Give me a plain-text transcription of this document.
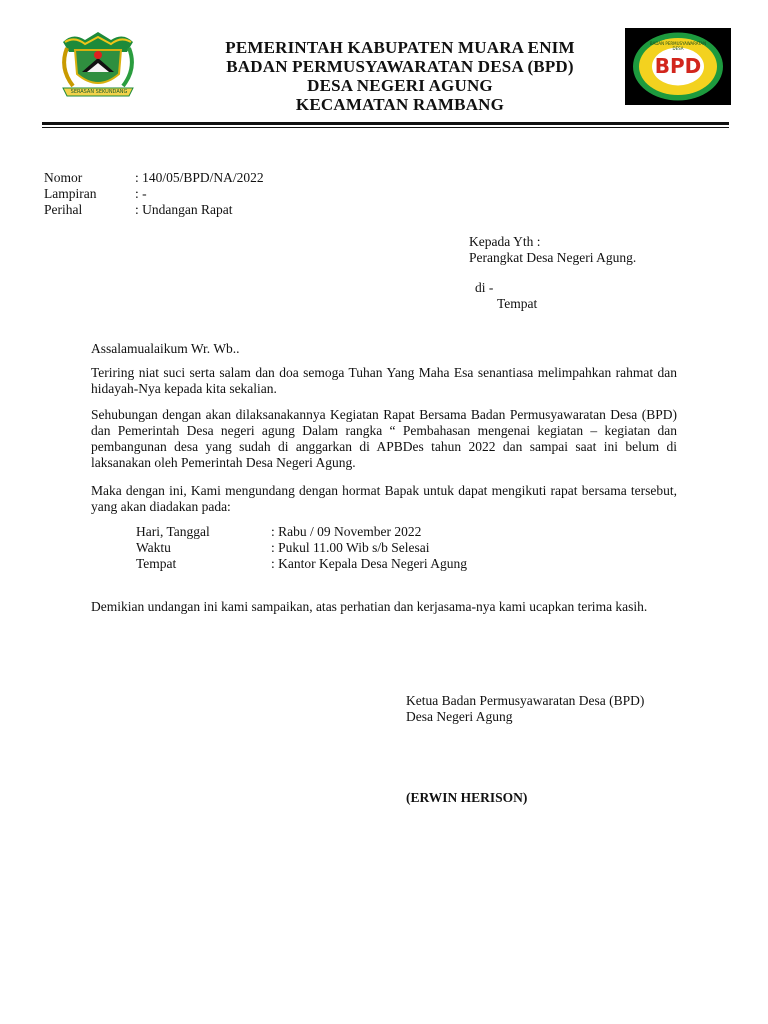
SERASAN SEKUNDANG

PEMERINTAH KABUPATEN MUARA ENIM

BADAN PERMUSYAWARATAN DESA (BPD)

DESA NEGERI AGUNG

KECAMATAN RAMBANG

BADAN PERMUSYAWARATAN DESA
BPD
Nomor	: 140/05/BPD/NA/2022
Lampiran	: -
Perihal	: Undangan Rapat
Kepada Yth :
Perangkat Desa Negeri Agung.
di -
Tempat
Assalamualaikum Wr. Wb..
Teriring niat suci serta salam dan doa semoga Tuhan Yang Maha Esa senantiasa melimpahkan rahmat dan hidayah-Nya kepada kita sekalian.
Sehubungan dengan akan dilaksanakannya Kegiatan Rapat Bersama Badan Permusyawaratan Desa (BPD) dan Pemerintah Desa negeri agung Dalam rangka “ Pembahasan mengenai kegiatan – kegiatan dan pembangunan desa yang sudah di anggarkan di APBDes tahun 2022 dan sampai saat ini belum di laksanakan oleh Pemerintah Desa Negeri Agung.
Maka dengan ini, Kami mengundang dengan hormat Bapak untuk dapat mengikuti rapat bersama tersebut, yang akan diadakan pada:
Hari, Tanggal	: Rabu / 09 November 2022
Waktu	: Pukul 11.00 Wib s/b Selesai
Tempat	: Kantor Kepala Desa Negeri Agung
Demikian undangan ini kami sampaikan, atas perhatian dan kerjasama-nya kami ucapkan terima kasih.
Ketua Badan Permusyawaratan Desa (BPD)
Desa Negeri Agung
(ERWIN HERISON)
